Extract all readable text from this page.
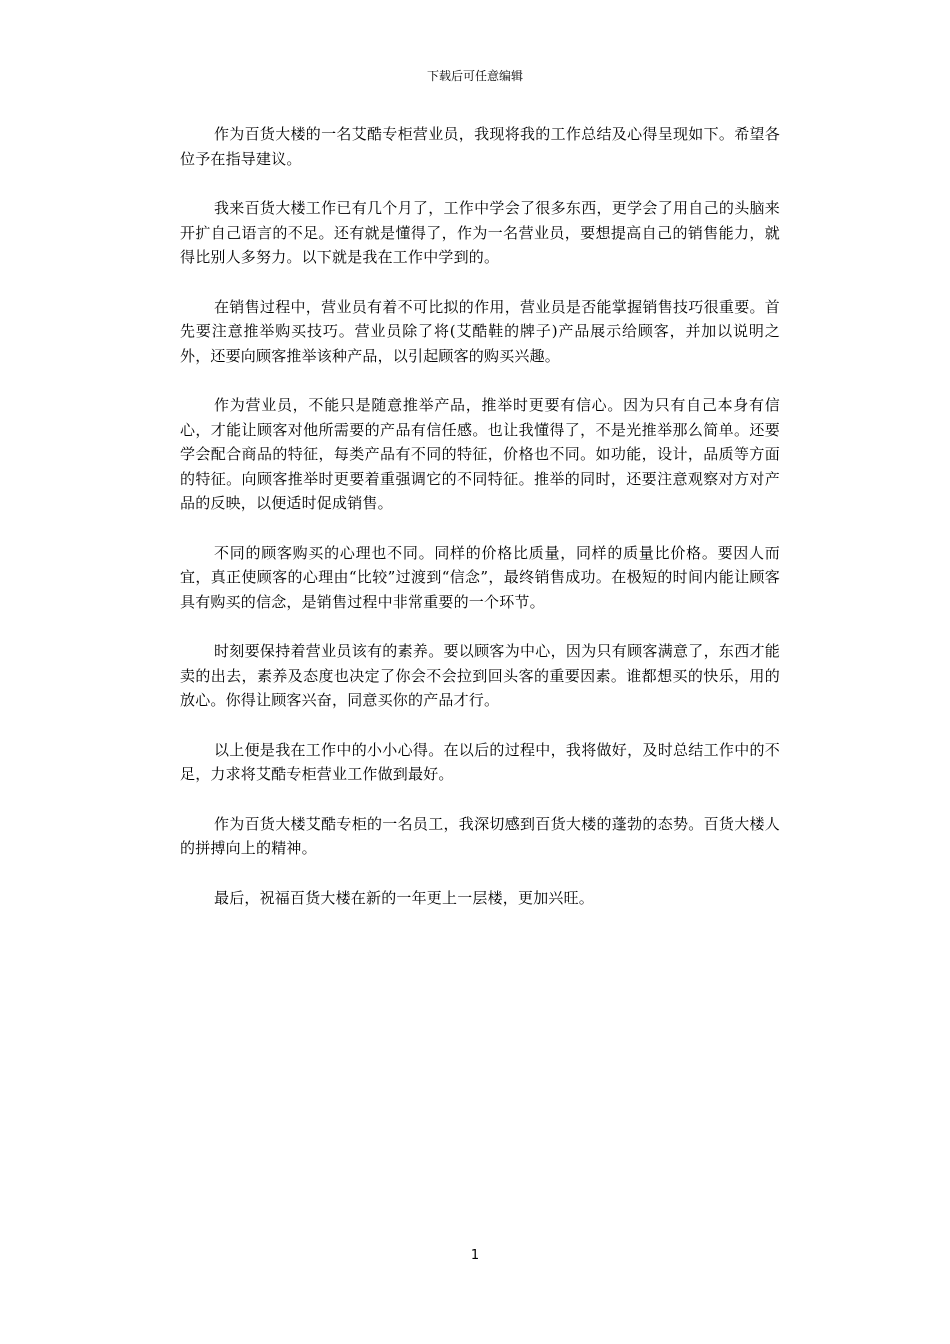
下载后可任意编辑

作为百货大楼的一名艾酷专柜营业员，我现将我的工作总结及心得呈现如下。希望各位予在指导建议。

我来百货大楼工作已有几个月了，工作中学会了很多东西，更学会了用自己的头脑来开扩自己语言的不足。还有就是懂得了，作为一名营业员，要想提高自己的销售能力，就得比别人多努力。以下就是我在工作中学到的。

在销售过程中，营业员有着不可比拟的作用，营业员是否能掌握销售技巧很重要。首先要注意推举购买技巧。营业员除了将(艾酷鞋的牌子)产品展示给顾客，并加以说明之外，还要向顾客推举该种产品，以引起顾客的购买兴趣。

作为营业员，不能只是随意推举产品，推举时更要有信心。因为只有自己本身有信心，才能让顾客对他所需要的产品有信任感。也让我懂得了，不是光推举那么简单。还要学会配合商品的特征，每类产品有不同的特征，价格也不同。如功能，设计，品质等方面的特征。向顾客推举时更要着重强调它的不同特征。推举的同时，还要注意观察对方对产品的反映，以便适时促成销售。

不同的顾客购买的心理也不同。同样的价格比质量，同样的质量比价格。要因人而宜，真正使顾客的心理由“比较”过渡到“信念”，最终销售成功。在极短的时间内能让顾客具有购买的信念，是销售过程中非常重要的一个环节。

时刻要保持着营业员该有的素养。要以顾客为中心，因为只有顾客满意了，东西才能卖的出去，素养及态度也决定了你会不会拉到回头客的重要因素。谁都想买的快乐，用的放心。你得让顾客兴奋，同意买你的产品才行。

以上便是我在工作中的小小心得。在以后的过程中，我将做好，及时总结工作中的不足，力求将艾酷专柜营业工作做到最好。

作为百货大楼艾酷专柜的一名员工，我深切感到百货大楼的蓬勃的态势。百货大楼人的拼搏向上的精神。

最后，祝福百货大楼在新的一年更上一层楼，更加兴旺。

1
